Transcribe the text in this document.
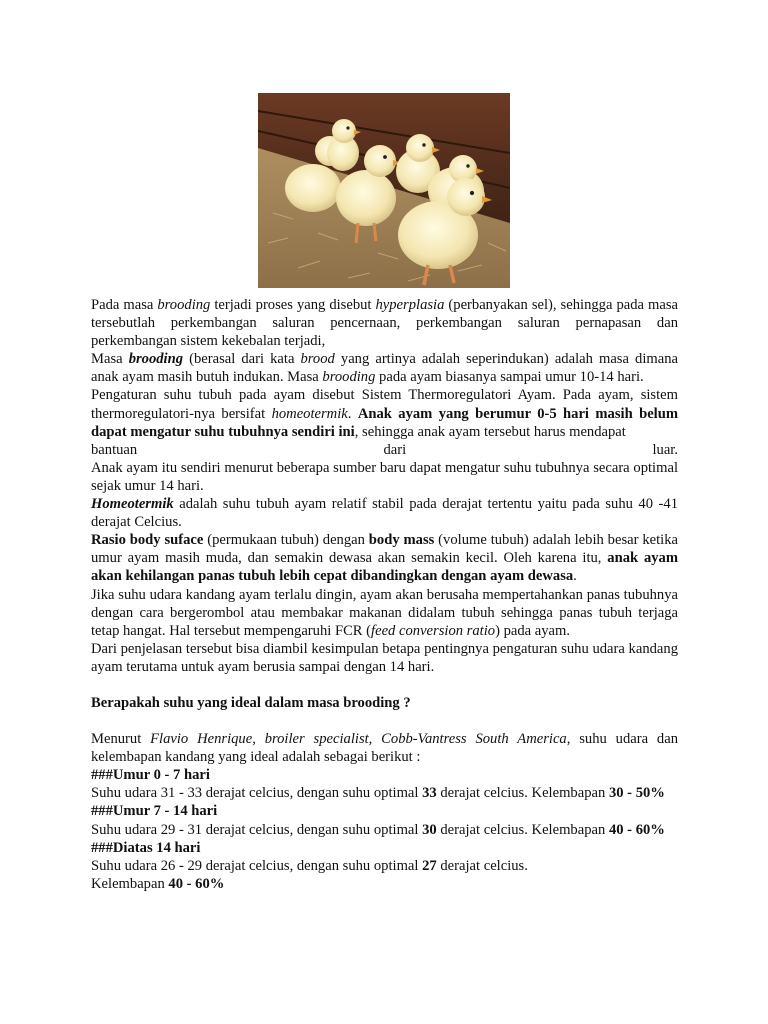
Pada masa brooding terjadi proses yang disebut hyperplasia (perbanyakan sel), sehingga pada masa tersebutlah perkembangan saluran pencernaan, perkembangan saluran pernapasan dan perkembangan sistem kekebalan terjadi,

Masa brooding (berasal dari kata brood yang artinya adalah seperindukan) adalah masa dimana anak ayam masih butuh indukan. Masa brooding pada ayam biasanya sampai umur 10-14 hari.

Pengaturan suhu tubuh pada ayam disebut Sistem Thermoregulatori Ayam. Pada ayam, sistem thermoregulatori-nya bersifat homeotermik. Anak ayam yang berumur 0-5 hari masih belum dapat mengatur suhu tubuhnya sendiri ini, sehingga anak ayam tersebut harus mendapat

bantuan dari luar.

Anak ayam itu sendiri menurut beberapa sumber baru dapat mengatur suhu tubuhnya secara optimal sejak umur 14 hari.

Homeotermik adalah suhu tubuh ayam relatif stabil pada derajat tertentu yaitu pada suhu 40 -41 derajat Celcius.

Rasio body suface (permukaan tubuh) dengan body mass (volume tubuh) adalah lebih besar ketika umur ayam masih muda, dan semakin dewasa akan semakin kecil. Oleh karena itu, anak ayam akan kehilangan panas tubuh lebih cepat dibandingkan dengan ayam dewasa.

Jika suhu udara kandang ayam terlalu dingin, ayam akan berusaha mempertahankan panas tubuhnya dengan cara bergerombol atau membakar makanan didalam tubuh sehingga panas tubuh terjaga tetap hangat. Hal tersebut mempengaruhi FCR (feed conversion ratio) pada ayam.

Dari penjelasan tersebut bisa diambil kesimpulan betapa pentingnya pengaturan suhu udara kandang ayam terutama untuk ayam berusia sampai dengan 14 hari.

Berapakah suhu yang ideal dalam masa brooding ?

Menurut Flavio Henrique, broiler specialist, Cobb-Vantress South America, suhu udara dan kelembapan kandang yang ideal adalah sebagai berikut :

###Umur 0 - 7 hari

Suhu udara 31 - 33 derajat celcius, dengan suhu optimal 33 derajat celcius. Kelembapan 30 - 50%

###Umur 7 - 14 hari

Suhu udara 29 - 31 derajat celcius, dengan suhu optimal 30 derajat celcius. Kelembapan 40 - 60%

###Diatas 14 hari

Suhu udara 26 - 29 derajat celcius, dengan suhu optimal 27 derajat celcius.

Kelembapan 40 - 60%
